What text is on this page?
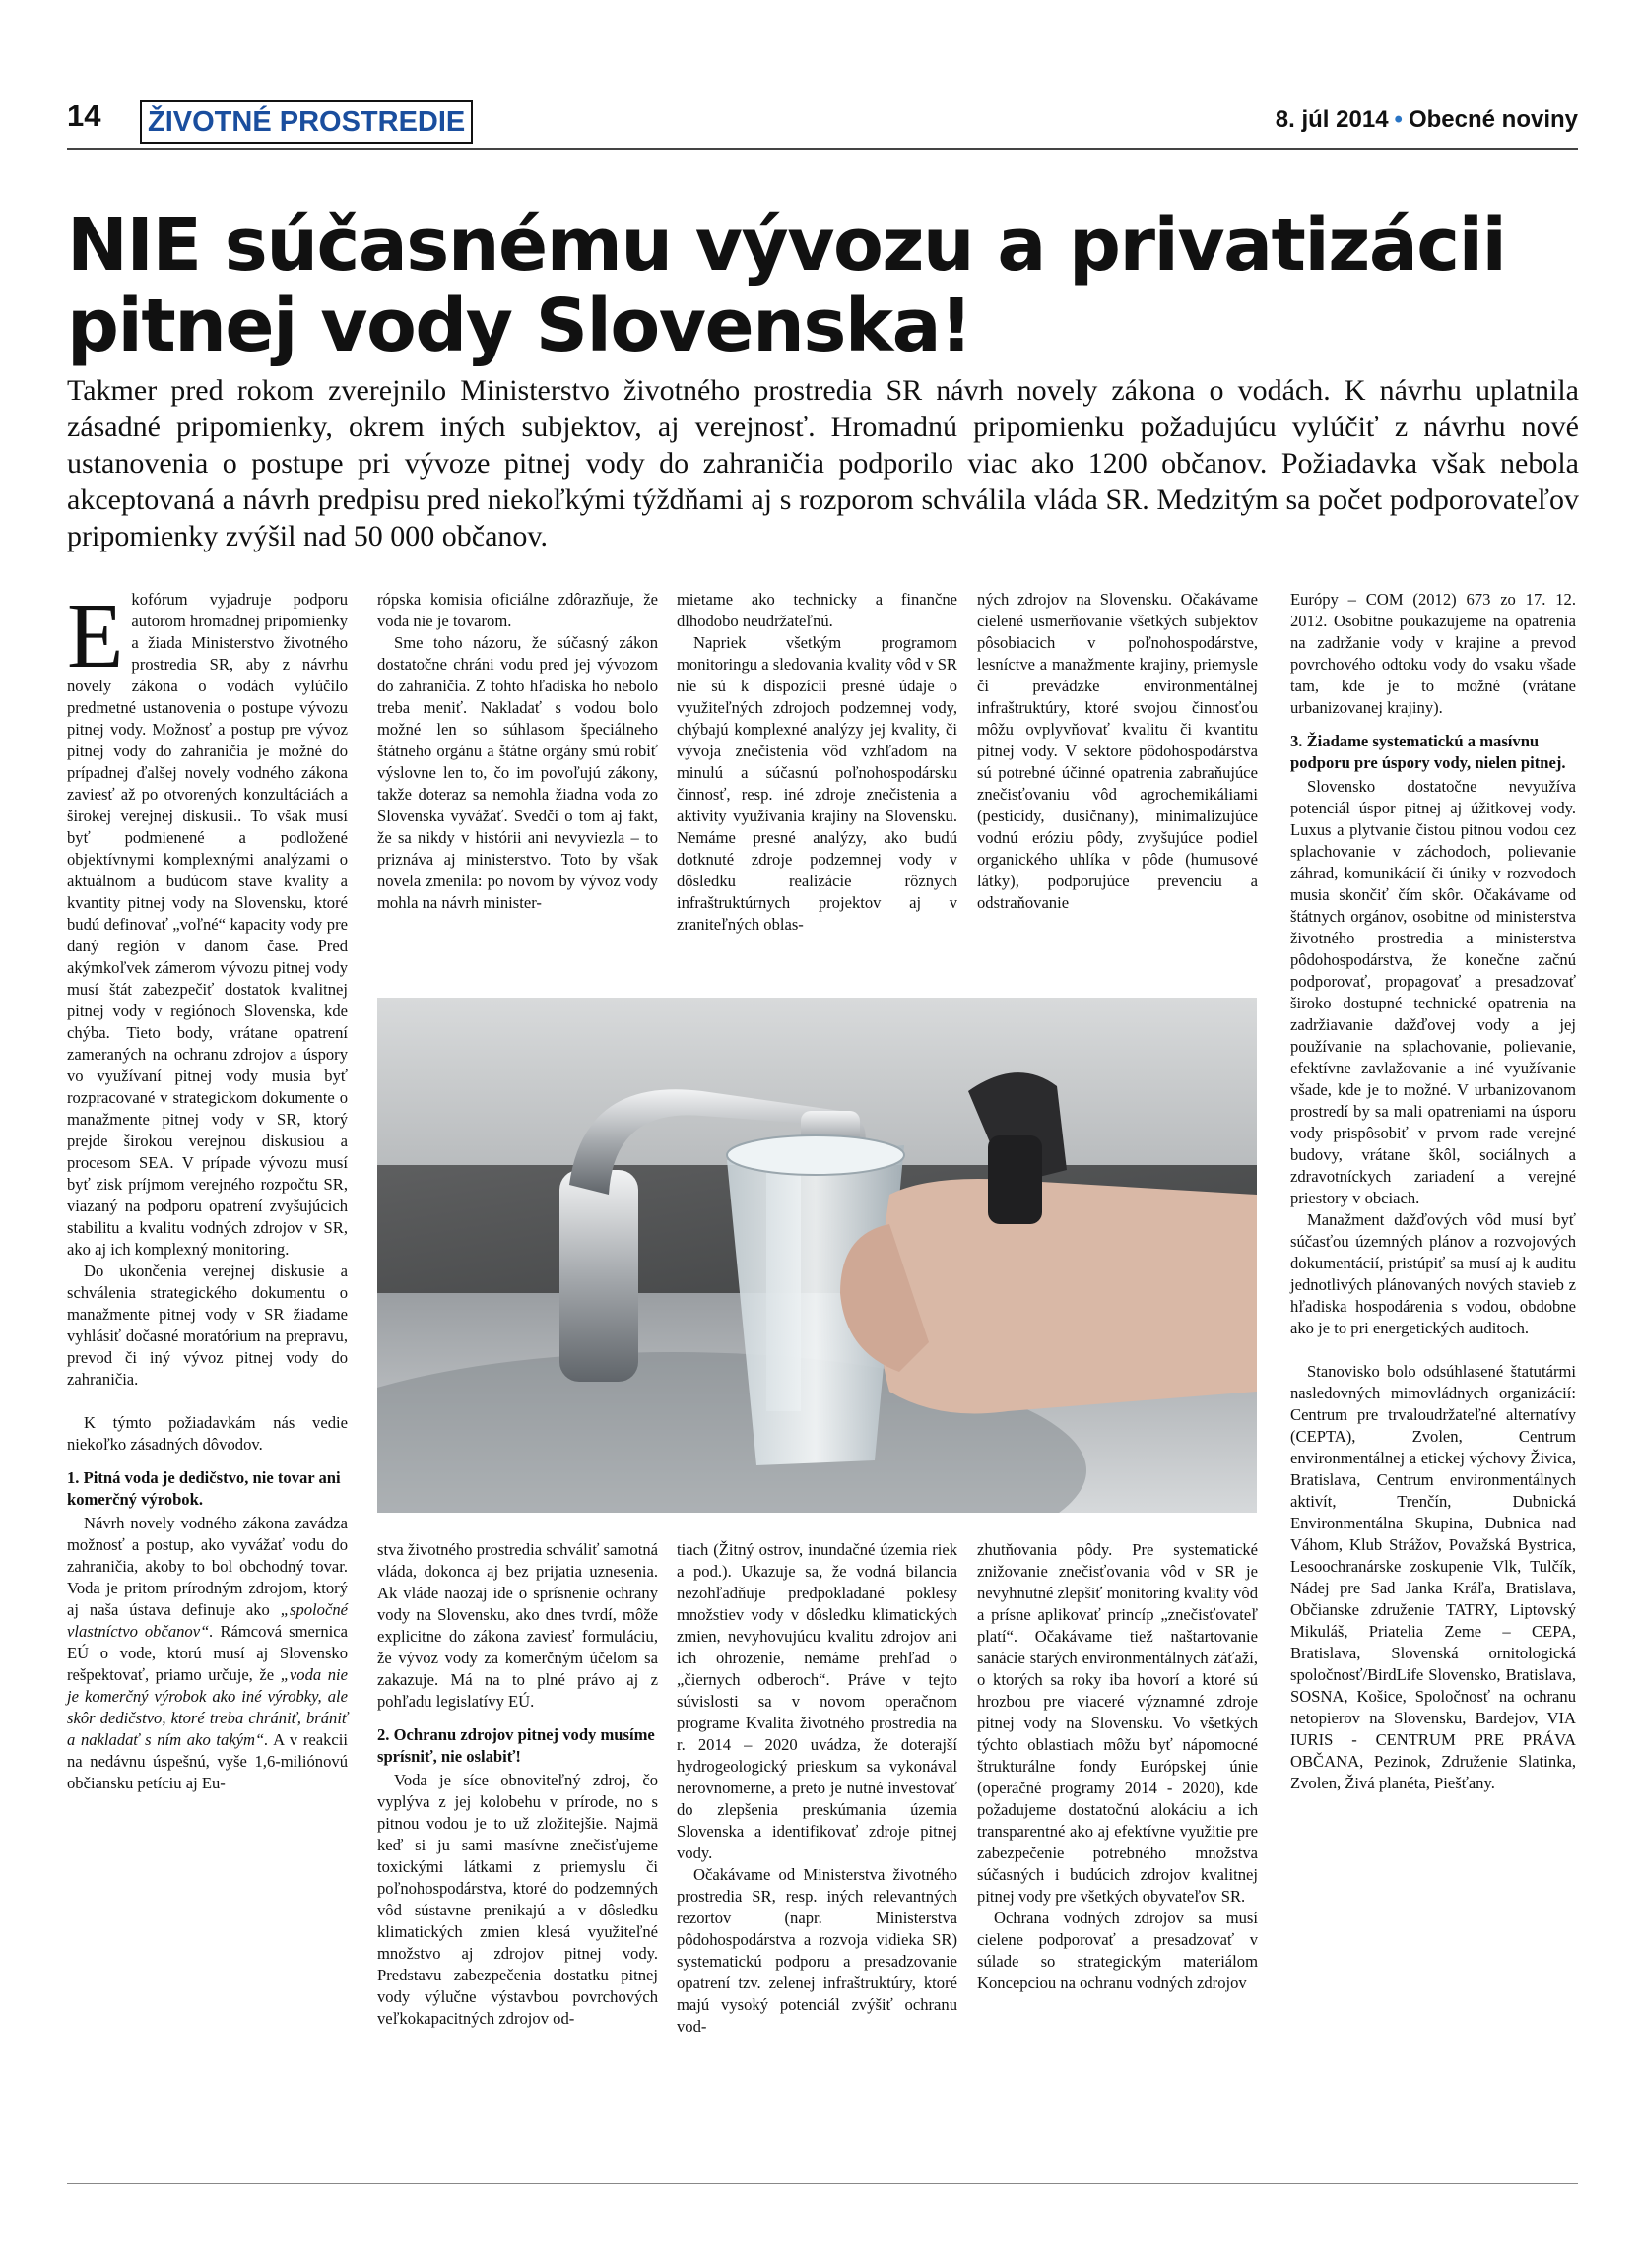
14 ŽIVOTNÉ PROSTREDIE	8. júl 2014 • Obecné noviny
NIE súčasnému vývozu a privatizácii
pitnej vody Slovenska!
Takmer pred rokom zverejnilo Ministerstvo životného prostredia SR návrh novely zákona o vodách. K návrhu uplatnila zásadné pripomienky, okrem iných subjektov, aj verejnosť. Hromadnú pripomienku požadujúcu vylúčiť z návrhu nové ustanovenia o postupe pri vývoze pitnej vody do zahraničia podporilo viac ako 1200 občanov. Požiadavka však nebola akceptovaná a návrh predpisu pred niekoľkými týždňami aj s rozporom schválila vláda SR. Medzitým sa počet podporovateľov pripomienky zvýšil nad 50 000 občanov.

Ekofórum vyjadruje podporu autorom hromadnej pripomienky a žiada Ministerstvo životného prostredia SR, aby z návrhu novely zákona o vodách vylúčilo predmetné ustanovenia o postupe vývozu pitnej vody. Možnosť a postup pre vývoz pitnej vody do zahraničia je možné do prípadnej ďalšej novely vodného zákona zaviesť až po otvorených konzultáciách a širokej verejnej diskusii.. To však musí byť podmienené a podložené objektívnymi komplexnými analýzami o aktuálnom a budúcom stave kvality a kvantity pitnej vody na Slovensku, ktoré budú definovať „voľné“ kapacity vody pre daný región v danom čase. Pred akýmkoľvek zámerom vývozu pitnej vody musí štát zabezpečiť dostatok kvalitnej pitnej vody v regiónoch Slovenska, kde chýba. Tieto body, vrátane opatrení zameraných na ochranu zdrojov a úspory vo využívaní pitnej vody musia byť rozpracované v strategickom dokumente o manažmente pitnej vody v SR, ktorý prejde širokou verejnou diskusiou a procesom SEA. V prípade vývozu musí byť zisk príjmom verejného rozpočtu SR, viazaný na podporu opatrení zvyšujúcich stabilitu a kvalitu vodných zdrojov v SR, ako aj ich komplexný monitoring.

Do ukončenia verejnej diskusie a schválenia strategického dokumentu o manažmente pitnej vody v SR žiadame vyhlásiť dočasné moratórium na prepravu, prevod či iný vývoz pitnej vody do zahraničia.

K týmto požiadavkám nás vedie niekoľko zásadných dôvodov.

1. Pitná voda je dedičstvo, nie tovar ani komerčný výrobok.

Návrh novely vodného zákona zavádza možnosť a postup, ako vyvážať vodu do zahraničia, akoby to bol obchodný tovar. Voda je pritom prírodným zdrojom, ktorý aj naša ústava definuje ako „spoločné vlastníctvo občanov“. Rámcová smernica EÚ o vode, ktorú musí aj Slovensko rešpektovať, priamo určuje, že „voda nie je komerčný výrobok ako iné výrobky, ale skôr dedičstvo, ktoré treba chrániť, brániť a nakladať s ním ako takým“. A v reakcii na nedávnu úspešnú, vyše 1,6-miliónovú občiansku petíciu aj Eu-

rópska komisia oficiálne zdôrazňuje, že voda nie je tovarom.

Sme toho názoru, že súčasný zákon dostatočne chráni vodu pred jej vývozom do zahraničia. Z tohto hľadiska ho nebolo treba meniť. Nakladať s vodou bolo možné len so súhlasom špeciálneho štátneho orgánu a štátne orgány smú robiť výslovne len to, čo im povoľujú zákony, takže doteraz sa nemohla žiadna voda zo Slovenska vyvážať. Svedčí o tom aj fakt, že sa nikdy v histórii ani nevyviezla – to priznáva aj ministerstvo. Toto by však novela zmenila: po novom by vývoz vody mohla na návrh minister-

mietame ako technicky a finančne dlhodobo neudržateľnú.

Napriek všetkým programom monitoringu a sledovania kvality vôd v SR nie sú k dispozícii presné údaje o využiteľných zdrojoch podzemnej vody, chýbajú komplexné analýzy jej kvality, či vývoja znečistenia vôd vzhľadom na minulú a súčasnú poľnohospodársku činnosť, resp. iné zdroje znečistenia a aktivity využívania krajiny na Slovensku. Nemáme presné analýzy, ako budú dotknuté zdroje podzemnej vody v dôsledku realizácie rôznych infraštruktúrnych projektov aj v zraniteľných oblas-

ných zdrojov na Slovensku. Očakávame cielené usmerňovanie všetkých subjektov pôsobiacich v poľnohospodárstve, lesníctve a manažmente krajiny, priemysle či prevádzke environmentálnej infraštruktúry, ktoré svojou činnosťou môžu ovplyvňovať kvalitu či kvantitu pitnej vody. V sektore pôdohospodárstva sú potrebné účinné opatrenia zabraňujúce znečisťovaniu vôd agrochemikáliami (pesticídy, dusičnany), minimalizujúce vodnú eróziu pôdy, zvyšujúce podiel organického uhlíka v pôde (humusové látky), podporujúce prevenciu a odstraňovanie

stva životného prostredia schváliť samotná vláda, dokonca aj bez prijatia uznesenia. Ak vláde naozaj ide o sprísnenie ochrany vody na Slovensku, ako dnes tvrdí, môže explicitne do zákona zaviesť formuláciu, že vývoz vody za komerčným účelom sa zakazuje. Má na to plné právo aj z pohľadu legislatívy EÚ.

2. Ochranu zdrojov pitnej vody musíme sprísniť, nie oslabiť!

Voda je síce obnoviteľný zdroj, čo vyplýva z jej kolobehu v prírode, no s pitnou vodou je to už zložitejšie. Najmä keď si ju sami masívne znečisťujeme toxickými látkami z priemyslu či poľnohospodárstva, ktoré do podzemných vôd sústavne prenikajú a v dôsledku klimatických zmien klesá využiteľné množstvo aj zdrojov pitnej vody. Predstavu zabezpečenia dostatku pitnej vody výlučne výstavbou povrchových veľkokapacitných zdrojov od-

tiach (Žitný ostrov, inundačné územia riek a pod.). Ukazuje sa, že vodná bilancia nezohľadňuje predpokladané poklesy množstiev vody v dôsledku klimatických zmien, nevyhovujúcu kvalitu zdrojov ani ich ohrozenie, nemáme prehľad o „čiernych odberoch“. Práve v tejto súvislosti sa v novom operačnom programe Kvalita životného prostredia na r. 2014 – 2020 uvádza, že doterajší hydrogeologický prieskum sa vykonával nerovnomerne, a preto je nutné investovať do zlepšenia preskúmania územia Slovenska a identifikovať zdroje pitnej vody.

Očakávame od Ministerstva životného prostredia SR, resp. iných relevantných rezortov (napr. Ministerstva pôdohospodárstva a rozvoja vidieka SR) systematickú podporu a presadzovanie opatrení tzv. zelenej infraštruktúry, ktoré majú vysoký potenciál zvýšiť ochranu vod-

zhutňovania pôdy. Pre systematické znižovanie znečisťovania vôd v SR je nevyhnutné zlepšiť monitoring kvality vôd a prísne aplikovať princíp „znečisťovateľ platí“. Očakávame tiež naštartovanie sanácie starých environmentálnych záťaží, o ktorých sa roky iba hovorí a ktoré sú hrozbou pre viaceré významné zdroje pitnej vody na Slovensku. Vo všetkých týchto oblastiach môžu byť nápomocné štrukturálne fondy Európskej únie (operačné programy 2014 - 2020), kde požadujeme dostatočnú alokáciu a ich transparentné ako aj efektívne využitie pre zabezpečenie potrebného množstva súčasných i budúcich zdrojov kvalitnej pitnej vody pre všetkých obyvateľov SR.

Ochrana vodných zdrojov sa musí cielene podporovať a presadzovať v súlade so strategickým materiálom Koncepciou na ochranu vodných zdrojov

Európy – COM (2012) 673 zo 17. 12. 2012. Osobitne poukazujeme na opatrenia na zadržanie vody v krajine a prevod povrchového odtoku vody do vsaku všade tam, kde je to možné (vrátane urbanizovanej krajiny).

3. Žiadame systematickú a masívnu podporu pre úspory vody, nielen pitnej.

Slovensko dostatočne nevyužíva potenciál úspor pitnej aj úžitkovej vody. Luxus a plytvanie čistou pitnou vodou cez splachovanie v záchodoch, polievanie záhrad, komunikácií či úniky v rozvodoch musia skončiť čím skôr. Očakávame od štátnych orgánov, osobitne od ministerstva životného prostredia a ministerstva pôdohospodárstva, že konečne začnú podporovať, propagovať a presadzovať široko dostupné technické opatrenia na zadržiavanie dažďovej vody a jej používanie na splachovanie, polievanie, efektívne zavlažovanie a iné využívanie všade, kde je to možné. V urbanizovanom prostredí by sa mali opatreniami na úsporu vody prispôsobiť v prvom rade verejné budovy, vrátane škôl, sociálnych a zdravotníckych zariadení a verejné priestory v obciach.

Manažment dažďových vôd musí byť súčasťou územných plánov a rozvojových dokumentácií, pristúpiť sa musí aj k auditu jednotlivých plánovaných nových stavieb z hľadiska hospodárenia s vodou, obdobne ako je to pri energetických auditoch.

Stanovisko bolo odsúhlasené štatutármi nasledovných mimovládnych organizácií: Centrum pre trvaloudržateľné alternatívy (CEPTA), Zvolen, Centrum environmentálnej a etickej výchovy Živica, Bratislava, Centrum environmentálnych aktivít, Trenčín, Dubnická Environmentálna Skupina, Dubnica nad Váhom, Klub Strážov, Považská Bystrica, Lesoochranárske zoskupenie Vlk, Tulčík, Nádej pre Sad Janka Kráľa, Bratislava, Občianske združenie TATRY, Liptovský Mikuláš, Priatelia Zeme – CEPA, Bratislava, Slovenská ornitologická spoločnosť/BirdLife Slovensko, Bratislava, SOSNA, Košice, Spoločnosť na ochranu netopierov na Slovensku, Bardejov, VIA IURIS - CENTRUM PRE PRÁVA OBČANA, Pezinok, Združenie Slatinka, Zvolen, Živá planéta, Piešťany.
